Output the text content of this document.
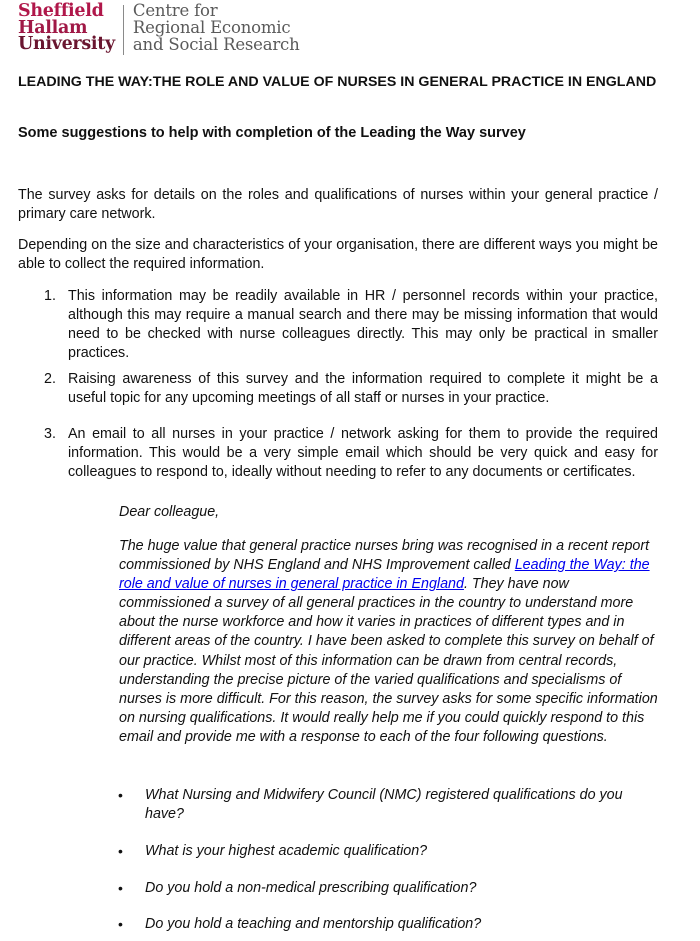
Sheffield
Hallam
University
Centre for
Regional Economic
and Social Research
LEADING THE WAY:THE ROLE AND VALUE OF NURSES IN GENERAL PRACTICE IN ENGLAND
Some suggestions to help with completion of the Leading the Way survey
The survey asks for details on the roles and qualifications of nurses within your general practice / primary care network.
Depending on the size and characteristics of your organisation, there are different ways you might be able to collect the required information.
1. This information may be readily available in HR / personnel records within your practice, although this may require a manual search and there may be missing information that would need to be checked with nurse colleagues directly. This may only be practical in smaller practices.
2. Raising awareness of this survey and the information required to complete it might be a useful topic for any upcoming meetings of all staff or nurses in your practice.
3. An email to all nurses in your practice / network asking for them to provide the required information. This would be a very simple email which should be very quick and easy for colleagues to respond to, ideally without needing to refer to any documents or certificates.
Dear colleague,
The huge value that general practice nurses bring was recognised in a recent report commissioned by NHS England and NHS Improvement called Leading the Way: the role and value of nurses in general practice in England. They have now commissioned a survey of all general practices in the country to understand more about the nurse workforce and how it varies in practices of different types and in different areas of the country. I have been asked to complete this survey on behalf of our practice. Whilst most of this information can be drawn from central records, understanding the precise picture of the varied qualifications and specialisms of nurses is more difficult. For this reason, the survey asks for some specific information on nursing qualifications. It would really help me if you could quickly respond to this email and provide me with a response to each of the four following questions.
• What Nursing and Midwifery Council (NMC) registered qualifications do you have?
• What is your highest academic qualification?
• Do you hold a non-medical prescribing qualification?
• Do you hold a teaching and mentorship qualification?
